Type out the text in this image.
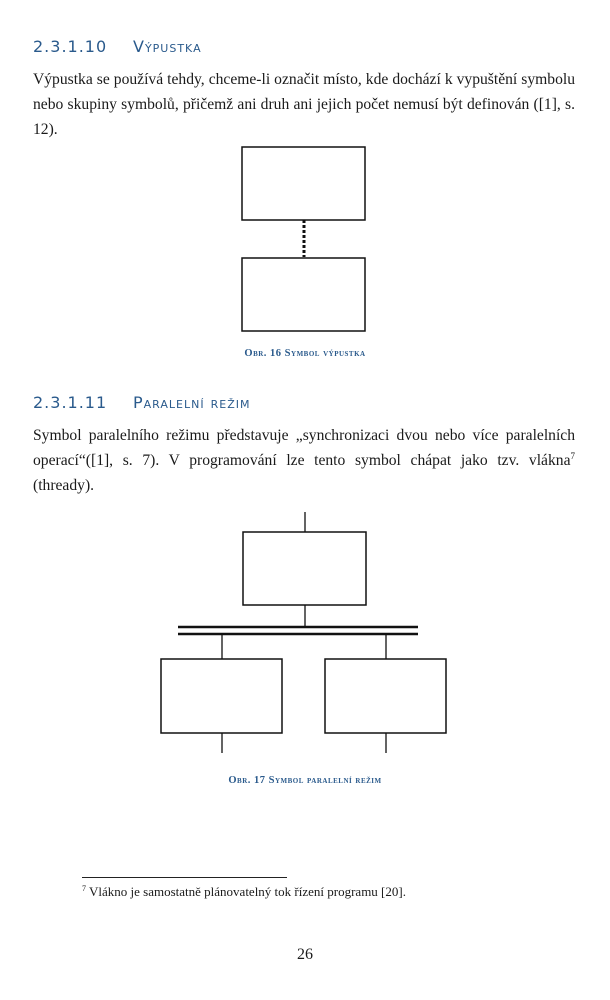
2.3.1.10 Výpustka

Výpustka se používá tehdy, chceme-li označit místo, kde dochází k vypuštění symbolu nebo skupiny symbolů, přičemž ani druh ani jejich počet nemusí být definován ([1], s. 12).

Obr. 16 Symbol výpustka
2.3.1.11 Paralelní režim

Symbol paralelního režimu představuje „synchronizaci dvou nebo více paralelních operací“([1], s. 7). V programování lze tento symbol chápat jako tzv. vlákna$^7$ (thready).

Obr. 17 Symbol paralelní režim
$^7$ Vlákno je samostatně plánovatelný tok řízení programu [20].
26
